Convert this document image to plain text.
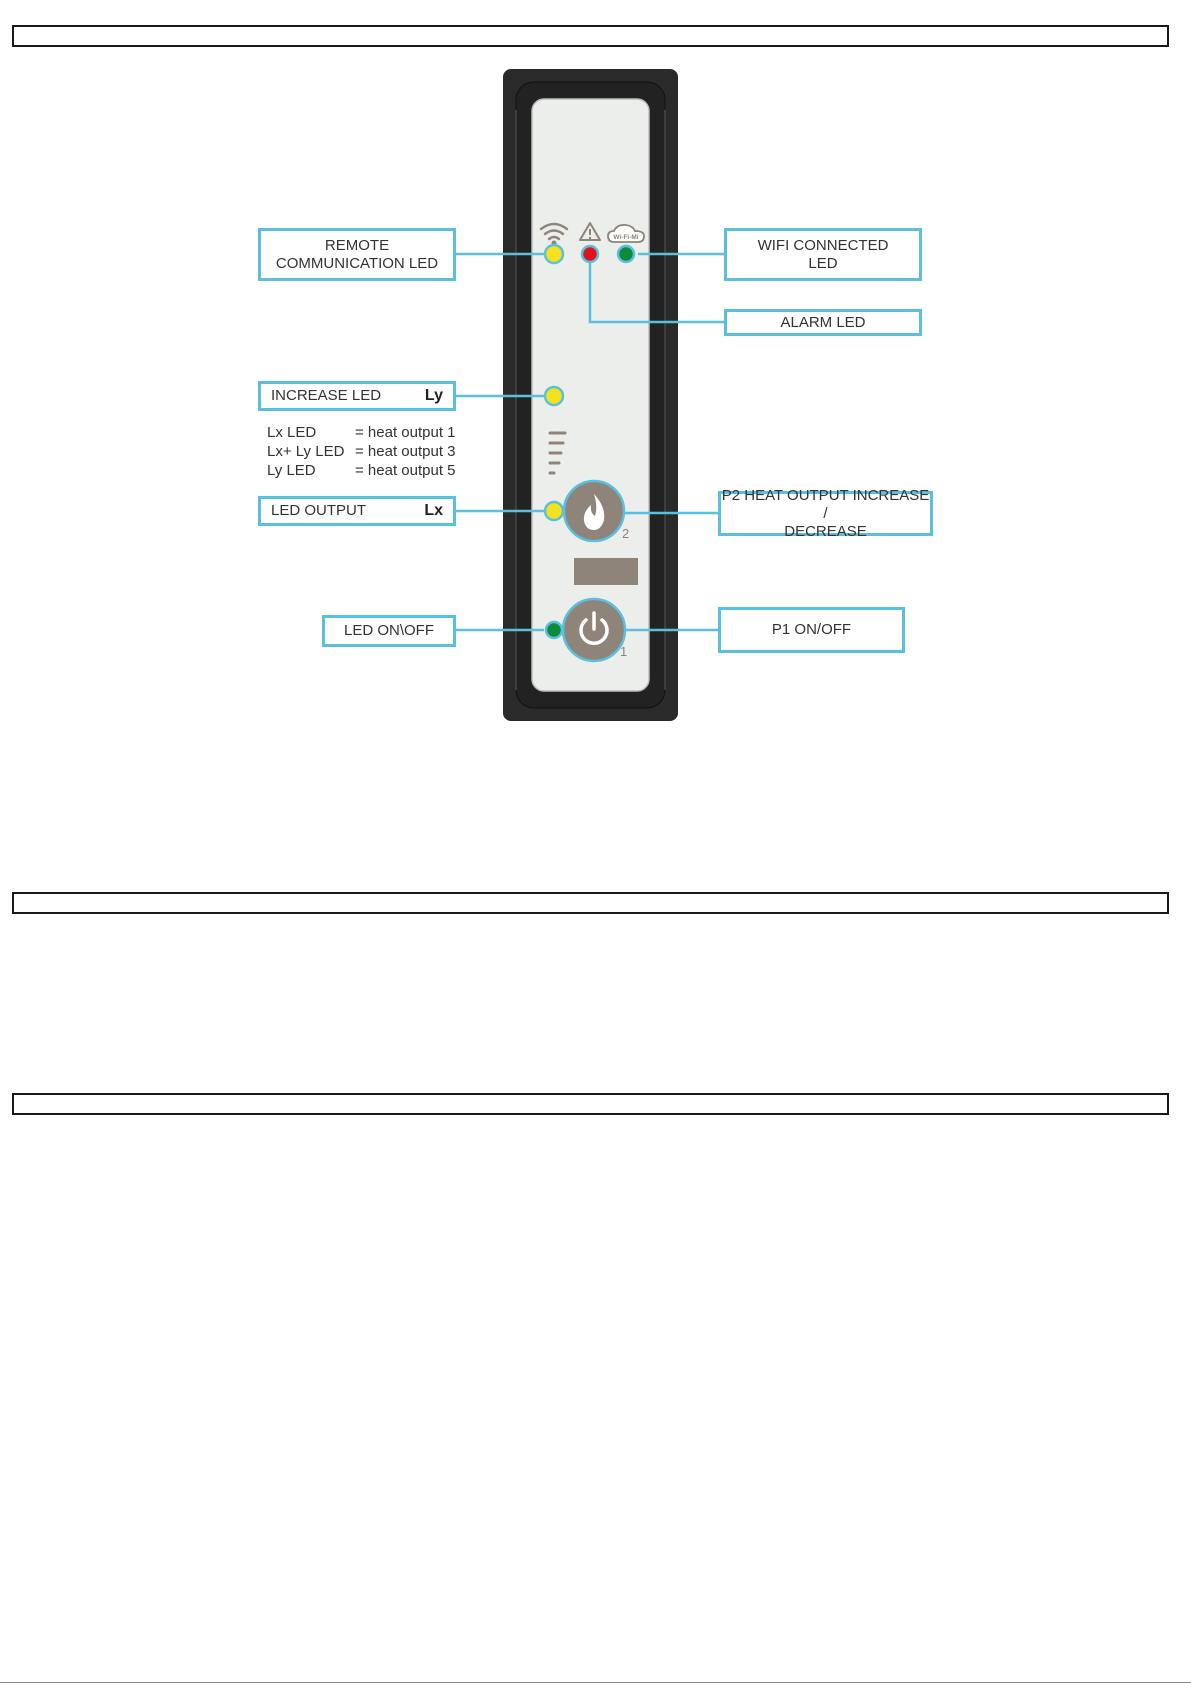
Wi-Fi-Mi
2
1
REMOTE
COMMUNICATION LED
WIFI CONNECTED
LED
ALARM LED
INCREASE LED	Ly
LED OUTPUT	Lx
P2 HEAT OUTPUT INCREASE /
DECREASE
LED ON\OFF	P1 ON/OFF
Lx LED	= heat output 1
Lx+ Ly LED = heat output 3
Ly LED	= heat output 5
